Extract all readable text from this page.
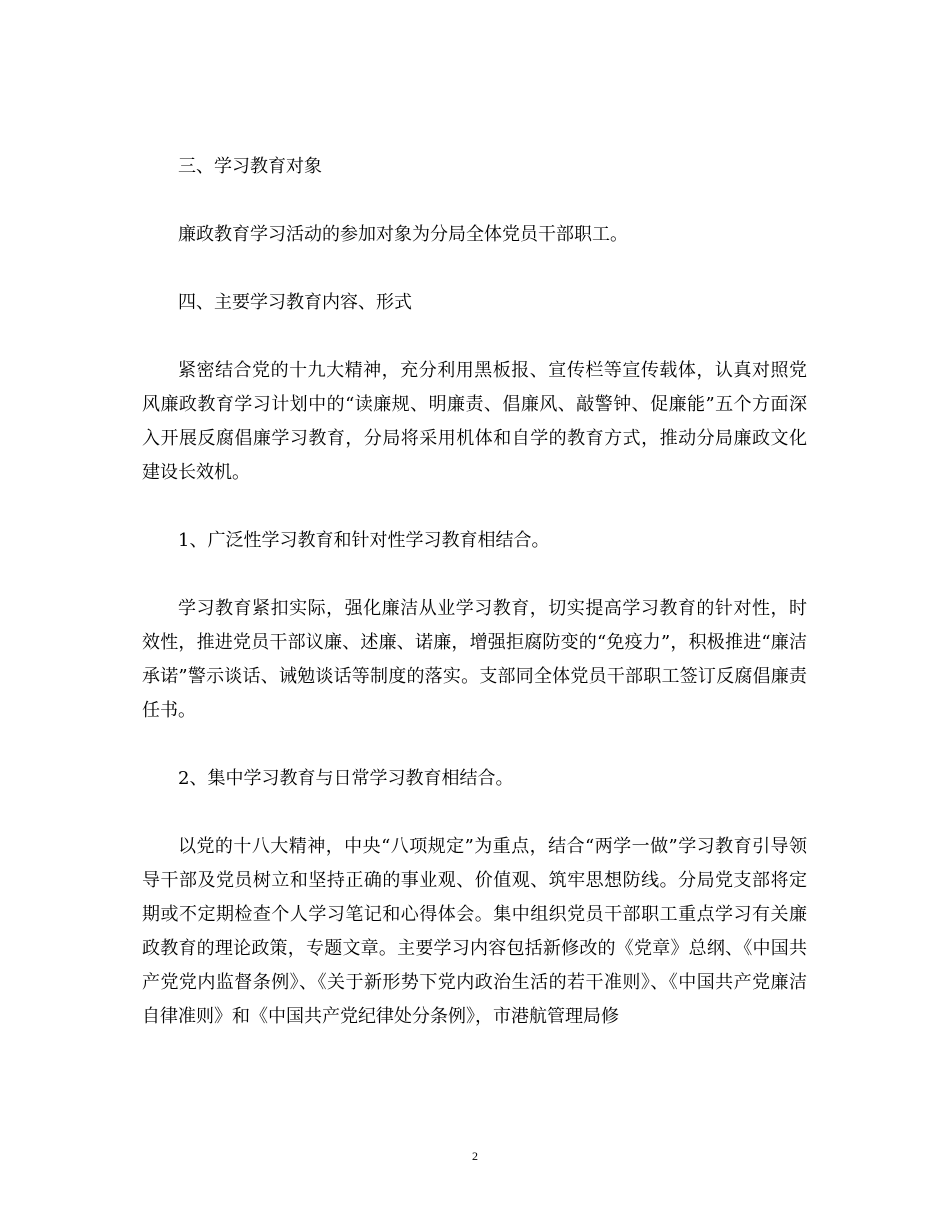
三、学习教育对象

廉政教育学习活动的参加对象为分局全体党员干部职工。

四、主要学习教育内容、形式

紧密结合党的十九大精神，充分利用黑板报、宣传栏等宣传载体，认真对照党风廉政教育学习计划中的“读廉规、明廉责、倡廉风、敲警钟、促廉能”五个方面深入开展反腐倡廉学习教育，分局将采用机体和自学的教育方式，推动分局廉政文化建设长效机。

1、广泛性学习教育和针对性学习教育相结合。

学习教育紧扣实际，强化廉洁从业学习教育，切实提高学习教育的针对性，时效性，推进党员干部议廉、述廉、诺廉，增强拒腐防变的“免疫力”，积极推进“廉洁承诺”警示谈话、诫勉谈话等制度的落实。支部同全体党员干部职工签订反腐倡廉责任书。

2、集中学习教育与日常学习教育相结合。

以党的十八大精神，中央“八项规定”为重点，结合“两学一做”学习教育引导领导干部及党员树立和坚持正确的事业观、价值观、筑牢思想防线。分局党支部将定期或不定期检查个人学习笔记和心得体会。集中组织党员干部职工重点学习有关廉政教育的理论政策，专题文章。主要学习内容包括新修改的《党章》总纲、《中国共产党党内监督条例》、《关于新形势下党内政治生活的若干准则》、《中国共产党廉洁自律准则》和《中国共产党纪律处分条例》，市港航管理局修

2
